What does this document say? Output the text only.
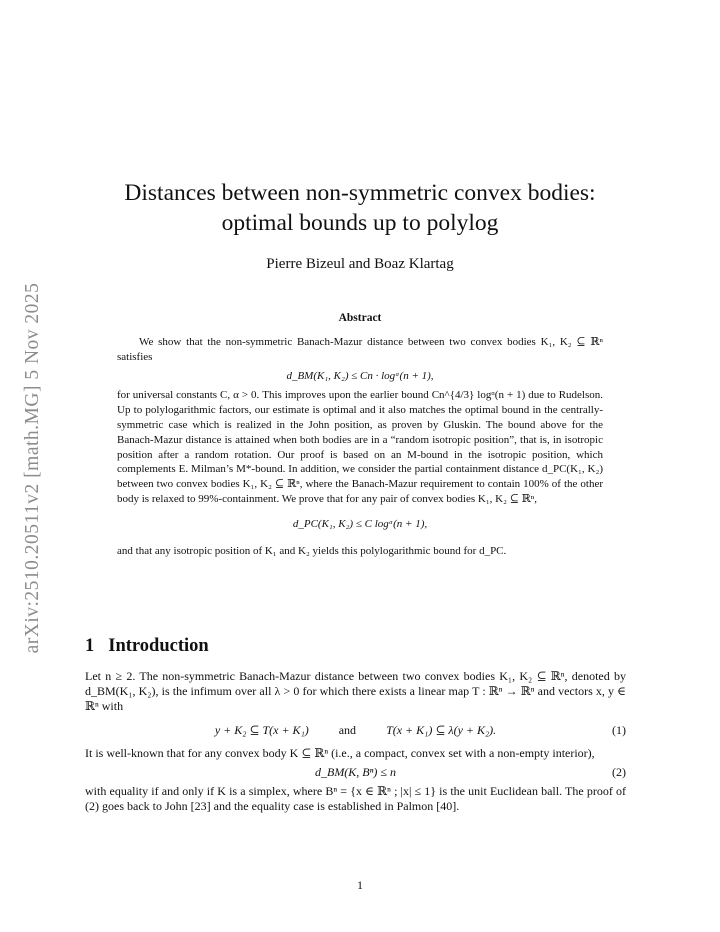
arXiv:2510.20511v2 [math.MG] 5 Nov 2025
Distances between non-symmetric convex bodies:
optimal bounds up to polylog
Pierre Bizeul and Boaz Klartag
Abstract

We show that the non-symmetric Banach-Mazur distance between two convex bodies K₁, K₂ ⊆ ℝⁿ satisfies

d_BM(K₁, K₂) ≤ Cn · logᵅ(n + 1),

for universal constants C, α > 0. This improves upon the earlier bound Cn^{4/3} logᵅ(n + 1) due to Rudelson. Up to polylogarithmic factors, our estimate is optimal and it also matches the optimal bound in the centrally-symmetric case which is realized in the John position, as proven by Gluskin. The bound above for the Banach-Mazur distance is attained when both bodies are in a “random isotropic position”, that is, in isotropic position after a random rotation. Our proof is based on an M-bound in the isotropic position, which complements E. Milman’s M*-bound. In addition, we consider the partial containment distance d_PC(K₁, K₂) between two convex bodies K₁, K₂ ⊆ ℝⁿ, where the Banach-Mazur requirement to contain 100% of the other body is relaxed to 99%-containment. We prove that for any pair of convex bodies K₁, K₂ ⊆ ℝⁿ,

d_PC(K₁, K₂) ≤ C logᵅ(n + 1),

and that any isotropic position of K₁ and K₂ yields this polylogarithmic bound for d_PC.

1 Introduction

Let n ≥ 2. The non-symmetric Banach-Mazur distance between two convex bodies K₁, K₂ ⊆ ℝⁿ, denoted by d_BM(K₁, K₂), is the infimum over all λ > 0 for which there exists a linear map T : ℝⁿ → ℝⁿ and vectors x, y ∈ ℝⁿ with

y + K₂ ⊆ T(x + K₁)	and	T(x + K₁) ⊆ λ(y + K₂).	(1)

It is well-known that for any convex body K ⊆ ℝⁿ (i.e., a compact, convex set with a non-empty interior),

d_BM(K, Bⁿ) ≤ n	(2)

with equality if and only if K is a simplex, where Bⁿ = {x ∈ ℝⁿ ; |x| ≤ 1} is the unit Euclidean ball. The proof of (2) goes back to John [23] and the equality case is established in Palmon [40].

1
